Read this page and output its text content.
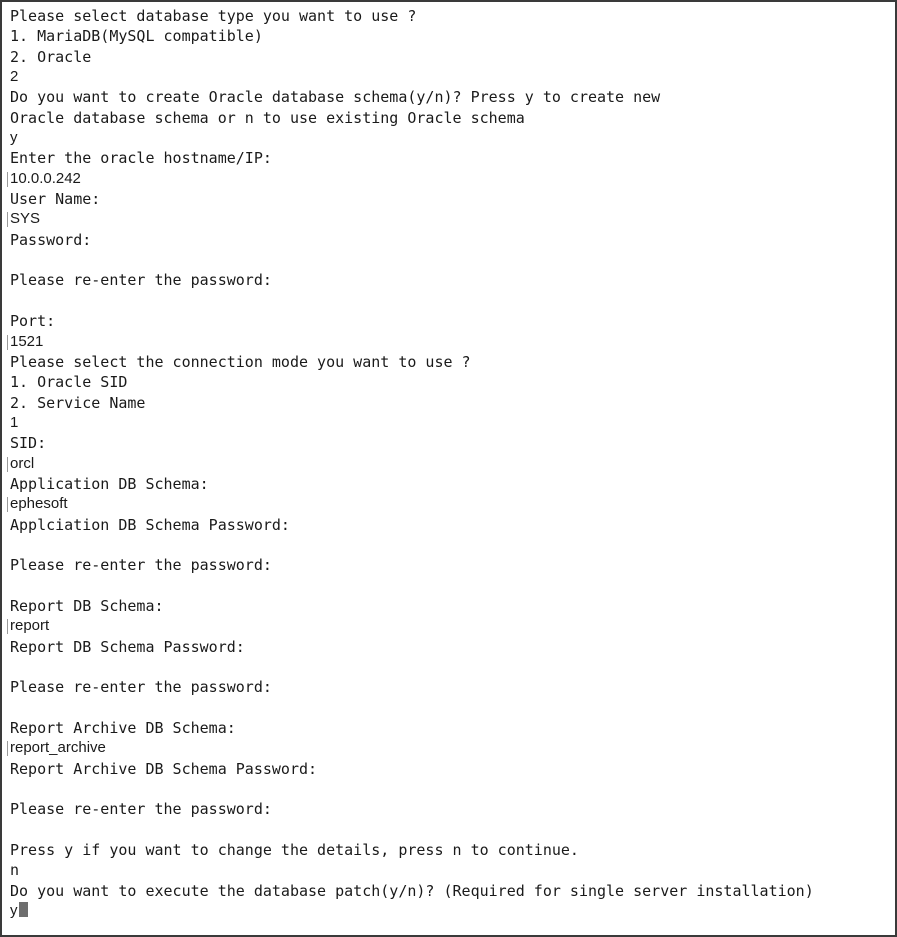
Please select database type you want to use ?
1. MariaDB(MySQL compatible)
2. Oracle
2
Do you want to create Oracle database schema(y/n)? Press y to create new
Oracle database schema or n to use existing Oracle schema
y
Enter the oracle hostname/IP:
10.0.0.242
User Name:
SYS
Password:
Please re-enter the password:
Port:
1521
Please select the connection mode you want to use ?
1. Oracle SID
2. Service Name
1
SID:
orcl
Application DB Schema:
ephesoft
Applciation DB Schema Password:
Please re-enter the password:
Report DB Schema:
report
Report DB Schema Password:
Please re-enter the password:
Report Archive DB Schema:
report_archive
Report Archive DB Schema Password:
Please re-enter the password:
Press y if you want to change the details, press n to continue.
n
Do you want to execute the database patch(y/n)? (Required for single server installation)
y
